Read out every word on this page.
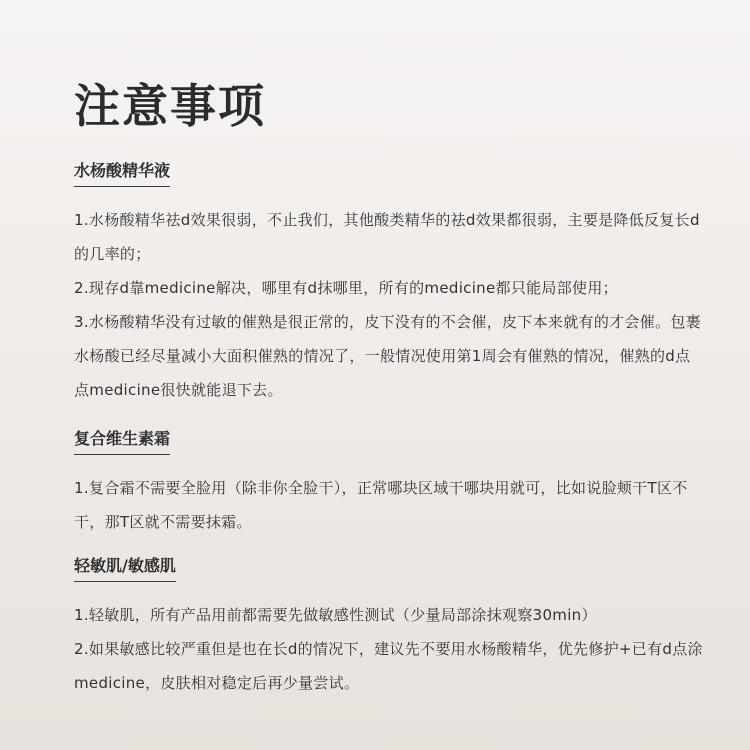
注意事项
水杨酸精华液

1.水杨酸精华祛d效果很弱，不止我们，其他酸类精华的祛d效果都很弱，主要是降低反复长d的几率的；

2.现存d靠medicine解决，哪里有d抹哪里，所有的medicine都只能局部使用；

3.水杨酸精华没有过敏的催熟是很正常的，皮下没有的不会催，皮下本来就有的才会催。包裹水杨酸已经尽量减小大面积催熟的情况了，一般情况使用第1周会有催熟的情况，催熟的d点点medicine很快就能退下去。

复合维生素霜

1.复合霜不需要全脸用（除非你全脸干），正常哪块区域干哪块用就可，比如说脸颊干T区不干，那T区就不需要抹霜。

轻敏肌/敏感肌

1.轻敏肌，所有产品用前都需要先做敏感性测试（少量局部涂抹观察30min）

2.如果敏感比较严重但是也在长d的情况下，建议先不要用水杨酸精华，优先修护+已有d点涂medicine，皮肤相对稳定后再少量尝试。
